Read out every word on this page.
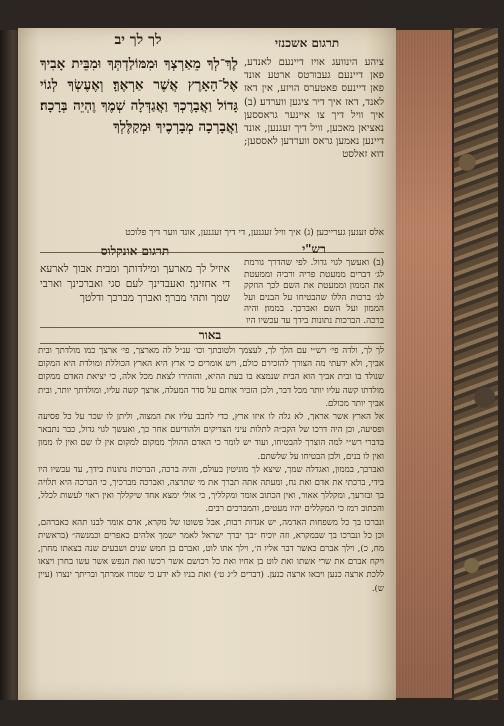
תרגום אשכנזי
לך לך יב
לֶךְ־לְךָ מֵאַרְצְךָ וּמִמּוֹלַדְתְּךָ וּמִבֵּית אָבִיךָ אֶל־הָאָרֶץ אֲשֶׁר אַרְאֶךָּ׃ וְאֶעֶשְׂךָ לְגוֹי גָּדוֹל וַאֲבָרֶכְךָ וַאֲגַדְּלָה שְׁמֶךָ וֶהְיֵה בְּרָכָה׃ וַאֲבָרְכָה מְבָרְכֶיךָ וּמְקַלֶּלְךָ
ציהע הינוועג אויז דיינעם לאנדע, פאן דיינעם געבורטס ארטע אונד פאן דיינעס פאטערס הויזע, אין דאז לאנד, דאז איך דיר ציגען ווערדע׃ (ב) איך וויל דיך צו איינער גראססען נאציאן מאכען, וויל דיך זעגנען, אונד דיינען נאמען גראס ווערדען לאססען; דוא זאלסט
אלס זעגען גערייכען׃ (ג) איך וויל זעגנען, די דיך זעגנען, אונד ווער דיך פלוכט
רש"י
תרגום אונקלוס
איזיל לך מארעך ומילדותך ומבית אבוך לארעא די אחזינך׃ ואעבדינך לעם סגי ואברכינך וארבי שמך ותהי מברך׃ ואברך מברכך ודלטך
(ב) ואעשך לגוי גדול. לפי שהדרך גורמת לג׳ דברים ממעטת פריה ורביה וממעטת את הממון וממעטת את השם לכך הוזקק לג׳ ברכות הללו שהבטיחו על הבנים ועל הממון ועל השם׃ ואברכך. בממון׃ והיה ברכה. הברכות נתונות בידך עד עכשיו היו
באור

לך לך, ולדה פי׳ רש״י עם הלך לך, לעצמך ולטובתך וכו׳ ענ״ל לה מארצך, פי׳ ארצך כמו מולדתך ובית אביך, ולא ידעתי מה הצורך להזכירם כולם, ויש אומרים כי ארץ היא הארץ הכוללת ומולדת היא המקום שנולד בו ובית אביך הוא הבית שנמצא בו בעת ההיא, והזהירו לצאת מכל אלה, כי יציאת האדם ממקום מולדתו קשה עליו יותר מכל דבר, ולכן הזכיר אותם על סדר המעלה, ארצך קשה עליו, ומולדתך יותר, ובית אביך יותר מכולם.

אל הארץ אשר אראך, לא גלה לו איזו ארץ, כדי לחבב עליו את המצוה, וליתן לו שכר על כל פסיעה ופסיעה, וכן היה דרכו של הקב״ה לתלות עיני הצדיקים ולהודיעם אחר כך, ואעשך לגוי גדול, כבר נתבאר בדברי רש״י למה הוצרך להבטיחו, ועוד יש לומר כי האדם ההולך ממקום למקום אין לו שם ואין לו ממון ואין לו בנים, ולכן הבטיחו על שלשתם.

ואברכך, בממון, ואגדלה שמך, שיצא לך מוניטין בעולם, והיה ברכה, הברכות נתונות בידך, עד עכשיו היו בידי, ברכתי את אדם ואת נח, ומעתה אתה תברך את מי שתרצה, ואברכה מברכיך, כי הברכה היא תלויה בך ובזרעך, ומקללך אאור, ואין הכתוב אומר ומקלליך, כי אולי ימצא אחד שיקללך ואין ראוי לעשות לכלל, והכתוב רמז כי המקללים יהיו מעטים, והמברכים רבים.

ונברכו בך כל משפחות האדמה, יש אגדות רבות, אבל פשוטו של מקרא, אדם אומר לבנו תהא כאברהם, וכן כל ונברכו בך שבמקרא, וזה יוכיח ״בך יברך ישראל לאמר ישמך אלהים כאפרים וכמנשה״ (בראשית מח, כ), וילך אברם כאשר דבר אליו ה׳, וילך אתו לוט, ואברם בן חמש שנים ושבעים שנה בצאתו מחרן, ויקח אברם את שרי אשתו ואת לוט בן אחיו ואת כל רכושם אשר רכשו ואת הנפש אשר עשו בחרן ויצאו ללכת ארצה כנען ויבאו ארצה כנען. (דברים ל״ג ט׳) ואת בניו לא ידע כי שמרו אמרתך ובריתך ינצרו (עיין ש).
